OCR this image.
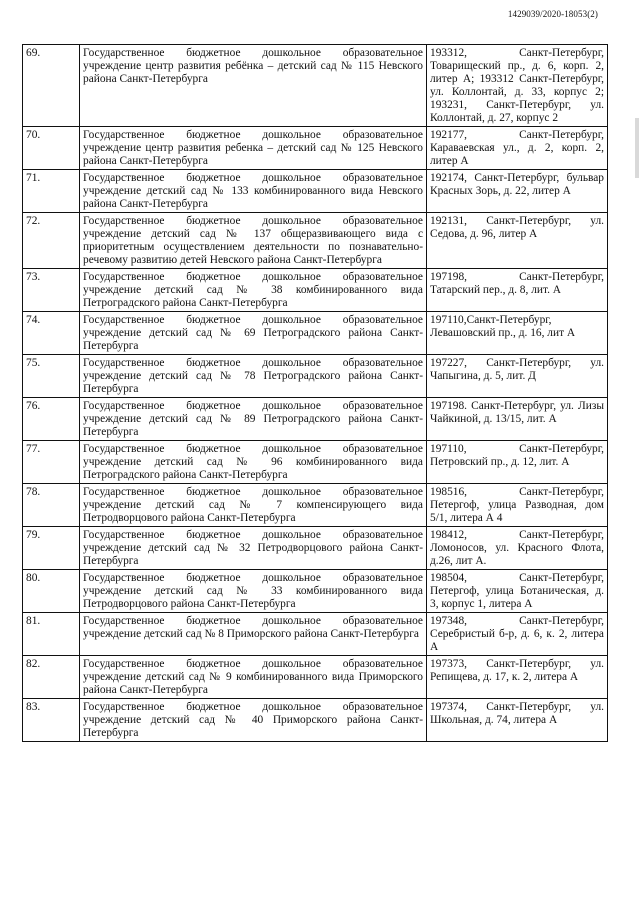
1429039/2020-18053(2)
69.	Государственное бюджетное дошкольное образовательное учреждение центр развития ребёнка – детский сад № 115 Невского района Санкт-Петербурга	193312, Санкт-Петербург, Товарищеский пр., д. 6, корп. 2, литер А; 193312 Санкт-Петербург, ул. Коллонтай, д. 33, корпус 2; 193231, Санкт-Петербург, ул. Коллонтай, д. 27, корпус 2
70.	Государственное бюджетное дошкольное образовательное учреждение центр развития ребенка – детский сад № 125 Невского района Санкт-Петербурга	192177, Санкт-Петербург, Караваевская ул., д. 2, корп. 2, литер А
71.	Государственное бюджетное дошкольное образовательное учреждение детский сад № 133 комбинированного вида Невского района Санкт-Петербурга	192174, Санкт-Петербург, бульвар Красных Зорь, д. 22, литер А
72.	Государственное бюджетное дошкольное образовательное учреждение детский сад № 137 общеразвивающего вида с приоритетным осуществлением деятельности по познавательно-речевому развитию детей Невского района Санкт-Петербурга	192131, Санкт-Петербург, ул. Седова, д. 96, литер А
73.	Государственное бюджетное дошкольное образовательное учреждение детский сад № 38 комбинированного вида Петроградского района Санкт-Петербурга	197198, Санкт-Петербург, Татарский пер., д. 8, лит. А
74.	Государственное бюджетное дошкольное образовательное учреждение детский сад № 69 Петроградского района Санкт-Петербурга	197110,Санкт-Петербург, Левашовский пр., д. 16, лит А
75.	Государственное бюджетное дошкольное образовательное учреждение детский сад № 78 Петроградского района Санкт-Петербурга	197227, Санкт-Петербург, ул. Чапыгина, д. 5, лит. Д
76.	Государственное бюджетное дошкольное образовательное учреждение детский сад № 89 Петроградского района Санкт-Петербурга	197198. Санкт-Петербург, ул. Лизы Чайкиной, д. 13/15, лит. А
77.	Государственное бюджетное дошкольное образовательное учреждение детский сад № 96 комбинированного вида Петроградского района Санкт-Петербурга	197110, Санкт-Петербург, Петровский пр., д. 12, лит. А
78.	Государственное бюджетное дошкольное образовательное учреждение детский сад № 7 компенсирующего вида Петродворцового района Санкт-Петербурга	198516, Санкт-Петербург, Петергоф, улица Разводная, дом 5/1, литера А 4
79.	Государственное бюджетное дошкольное образовательное учреждение детский сад № 32 Петродворцового района Санкт-Петербурга	198412, Санкт-Петербург, Ломоносов, ул. Красного Флота, д.26, лит А.
80.	Государственное бюджетное дошкольное образовательное учреждение детский сад № 33 комбинированного вида Петродворцового района Санкт-Петербурга	198504, Санкт-Петербург, Петергоф, улица Ботаническая, д. 3, корпус 1, литера А
81.	Государственное бюджетное дошкольное образовательное учреждение детский сад № 8 Приморского района Санкт-Петербурга	197348, Санкт-Петербург, Серебристый б-р, д. 6, к. 2, литера А
82.	Государственное бюджетное дошкольное образовательное учреждение детский сад № 9 комбинированного вида Приморского района Санкт-Петербурга	197373, Санкт-Петербург, ул. Репищева, д. 17, к. 2, литера А
83.	Государственное бюджетное дошкольное образовательное учреждение детский сад № 40 Приморского района Санкт-Петербурга	197374, Санкт-Петербург, ул. Школьная, д. 74, литера А
